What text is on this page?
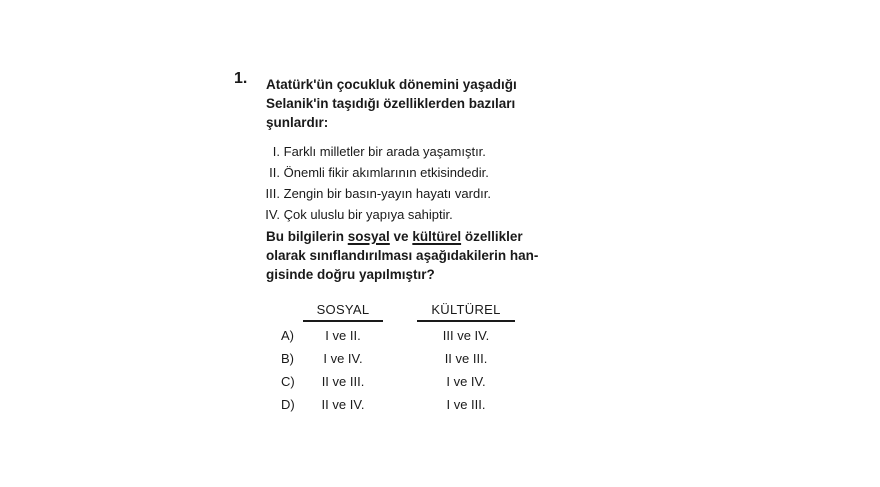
1. Atatürk'ün çocukluk dönemini yaşadığı
Selanik'in taşıdığı özelliklerden bazıları
şunlardır:
I. Farklı milletler bir arada yaşamıştır.
II. Önemli fikir akımlarının etkisindedir.
III. Zengin bir basın-yayın hayatı vardır.
IV. Çok uluslu bir yapıya sahiptir.
Bu bilgilerin sosyal ve kültürel özellikler
olarak sınıflandırılması aşağıdakilerin han-
gisinde doğru yapılmıştır?
SOSYAL	KÜLTÜREL
A)	I ve II.	III ve IV.
B)	I ve IV.	II ve III.
C)	II ve III.	I ve IV.
D)	II ve IV.	I ve III.
